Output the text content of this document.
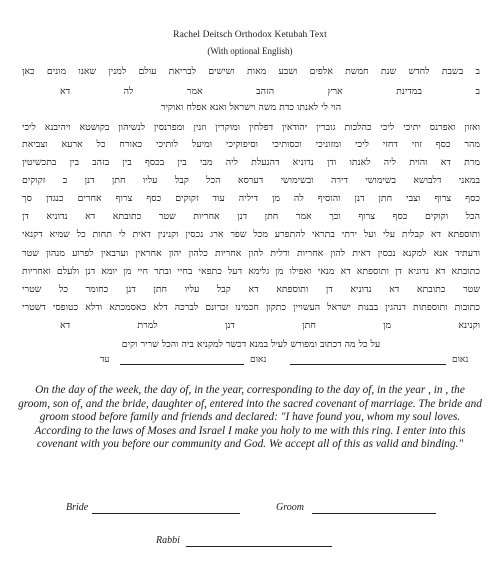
Rachel Deitsch Orthodox Ketubah Text
(With optional English)
ב בשבת לחדש שנת חמשת אלפים ושבע מאות ושישים לבריאת עולם למנין שאנו מונים כאן
ב במדינת ארץ הזהב אמר לה דא
הוי לי לאנתו כדת משה וישראל ואנא אפלח ואוקיר
ואזון ואפרנס יתיכי ליכי כהלכות גוברין יהודאין דפלחין ומוקרין וזנין ומפרנסין לנשיהון בקושטא ויהיבנא ליכי
מהר כסף זוזי דחזי ליכי ומזוניכי וכסותיכי וסיפוקיכי ומיעל לותיכי כאורח כל ארעא וצביאת
מרת דא והוית ליה לאנתו ודן נדוניא דהנעלת ליה מבי בין בכסף בין בזהב בין בתכשיטין
במאני דלבושא בשימושי דירה ובשימושי דערסא הכל קבל עליו חתן דנן ב זקוקים
כסף צרוף וצבי חתן דנן והוסיף לה מן דיליה עוד זקוקים כסף צרוף אחרים כנגדן סך
הכל וקוקים כסף צרוף וכך אמר חתן דנן אחריות שטר כתובתא דא נדוניא דן
ותוספתא דא קבלית עלי ועל ירתי בתראי להתפרע מכל שפר ארג נכסין וקנינין דאית לי תחות כל שמיא דקנאי
ודעתיד אנא למקנא נכסין דאית להון אחריות ודלית להון אחריות כלהון יהון אחראין וערבאין לפרוע מנהון שטר
כתובתא דא נדוניא דן ותוספתא דא מנאי ואפילו מן גלימא דעל כתפאי בחיי ובתר חיי מן יומא דנן ולעלם ואחריות
שטר כתובתא דא נדוניא דן ותוספתא דא קבל עליו חתן דנן כחומר כל שטרי
כתובות ותוספתות דנהגין בבנות ישראל העשויין כתקון חכמינו זכרונם לברכה דלא כאסמכתא ודלא כטופסי דשטרי
וקנינא מן חתן דנן למרת דא
על כל מה דכתוב ומפורש לעיל במנא דכשר למקניא ביה והכל שריר וקים
נאום
נאום
עד
On the day of the week, the day of, in the year, corresponding to the day of, in the year , in , the groom, son of, and the bride, daughter of, entered into the sacred covenant of marriage. The bride and groom stood before family and friends and declared: "I have found you, whom my soul loves. According to the laws of Moses and Israel I make you holy to me with this ring. I enter into this covenant with you before our community and God. We accept all of this as valid and binding."
Bride	Groom
Rabbi
